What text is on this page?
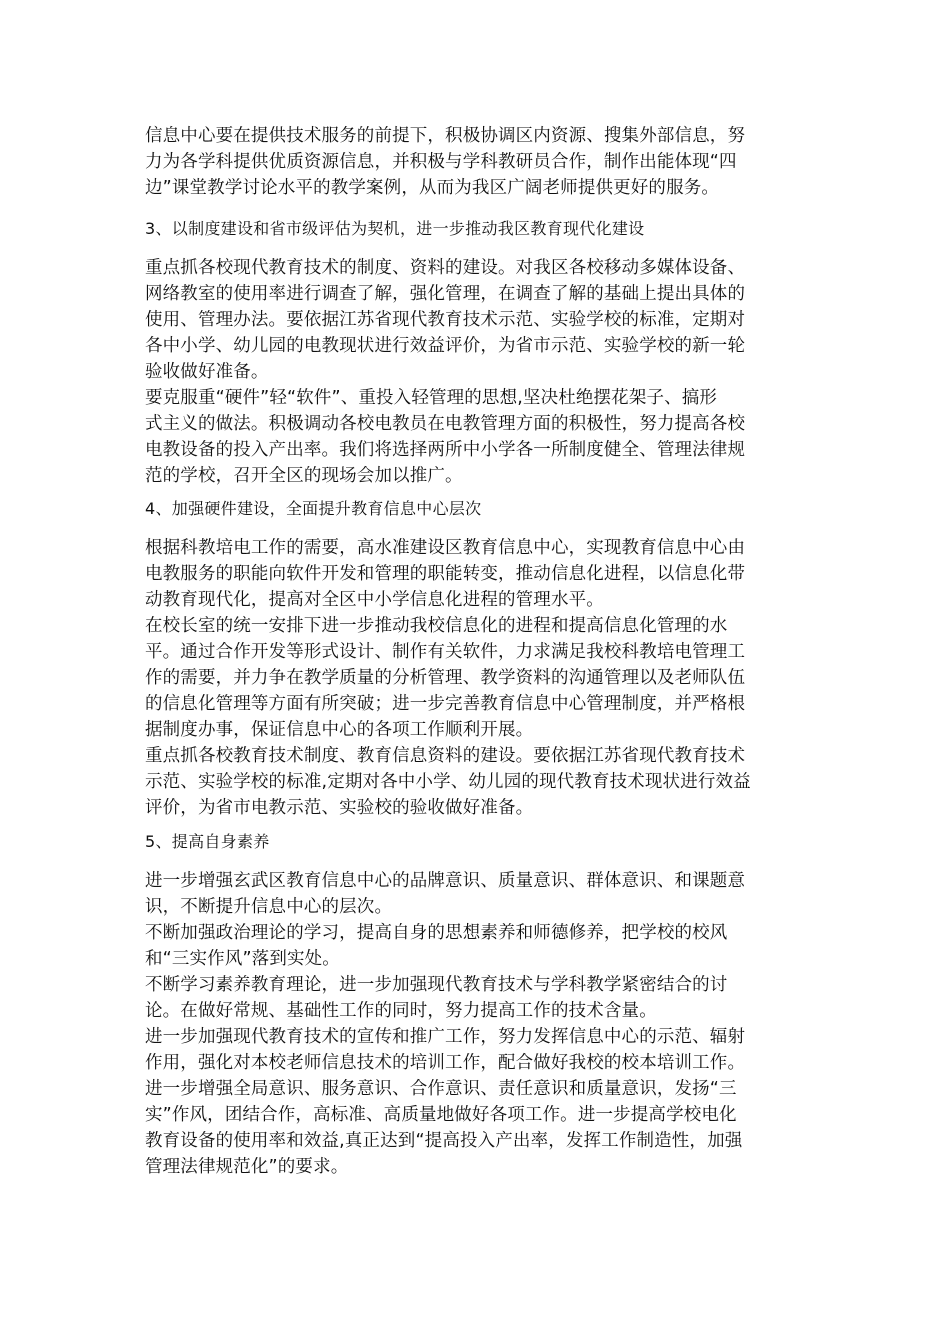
信息中心要在提供技术服务的前提下，积极协调区内资源、搜集外部信息，努
力为各学科提供优质资源信息，并积极与学科教研员合作，制作出能体现“四
边”课堂教学讨论水平的教学案例，从而为我区广阔老师提供更好的服务。

3、以制度建设和省市级评估为契机，进一步推动我区教育现代化建设

重点抓各校现代教育技术的制度、资料的建设。对我区各校移动多媒体设备、
网络教室的使用率进行调查了解，强化管理，在调查了解的基础上提出具体的
使用、管理办法。要依据江苏省现代教育技术示范、实验学校的标准，定期对
各中小学、幼儿园的电教现状进行效益评价，为省市示范、实验学校的新一轮
验收做好准备。

要克服重“硬件”轻“软件”、重投入轻管理的思想,坚决杜绝摆花架子、搞形
式主义的做法。积极调动各校电教员在电教管理方面的积极性，努力提高各校
电教设备的投入产出率。我们将选择两所中小学各一所制度健全、管理法律规
范的学校，召开全区的现场会加以推广。

4、加强硬件建设，全面提升教育信息中心层次

根据科教培电工作的需要，高水准建设区教育信息中心，实现教育信息中心由
电教服务的职能向软件开发和管理的职能转变，推动信息化进程，以信息化带
动教育现代化，提高对全区中小学信息化进程的管理水平。

在校长室的统一安排下进一步推动我校信息化的进程和提高信息化管理的水
平。通过合作开发等形式设计、制作有关软件，力求满足我校科教培电管理工
作的需要，并力争在教学质量的分析管理、教学资料的沟通管理以及老师队伍
的信息化管理等方面有所突破；进一步完善教育信息中心管理制度，并严格根
据制度办事，保证信息中心的各项工作顺利开展。

重点抓各校教育技术制度、教育信息资料的建设。要依据江苏省现代教育技术
示范、实验学校的标准,定期对各中小学、幼儿园的现代教育技术现状进行效益
评价，为省市电教示范、实验校的验收做好准备。

5、提高自身素养

进一步增强玄武区教育信息中心的品牌意识、质量意识、群体意识、和课题意
识，不断提升信息中心的层次。

不断加强政治理论的学习，提高自身的思想素养和师德修养，把学校的校风
和“三实作风”落到实处。

不断学习素养教育理论，进一步加强现代教育技术与学科教学紧密结合的讨
论。在做好常规、基础性工作的同时，努力提高工作的技术含量。

进一步加强现代教育技术的宣传和推广工作，努力发挥信息中心的示范、辐射
作用，强化对本校老师信息技术的培训工作，配合做好我校的校本培训工作。

进一步增强全局意识、服务意识、合作意识、责任意识和质量意识，发扬“三
实”作风，团结合作，高标准、高质量地做好各项工作。进一步提高学校电化
教育设备的使用率和效益,真正达到“提高投入产出率，发挥工作制造性，加强
管理法律规范化”的要求。
